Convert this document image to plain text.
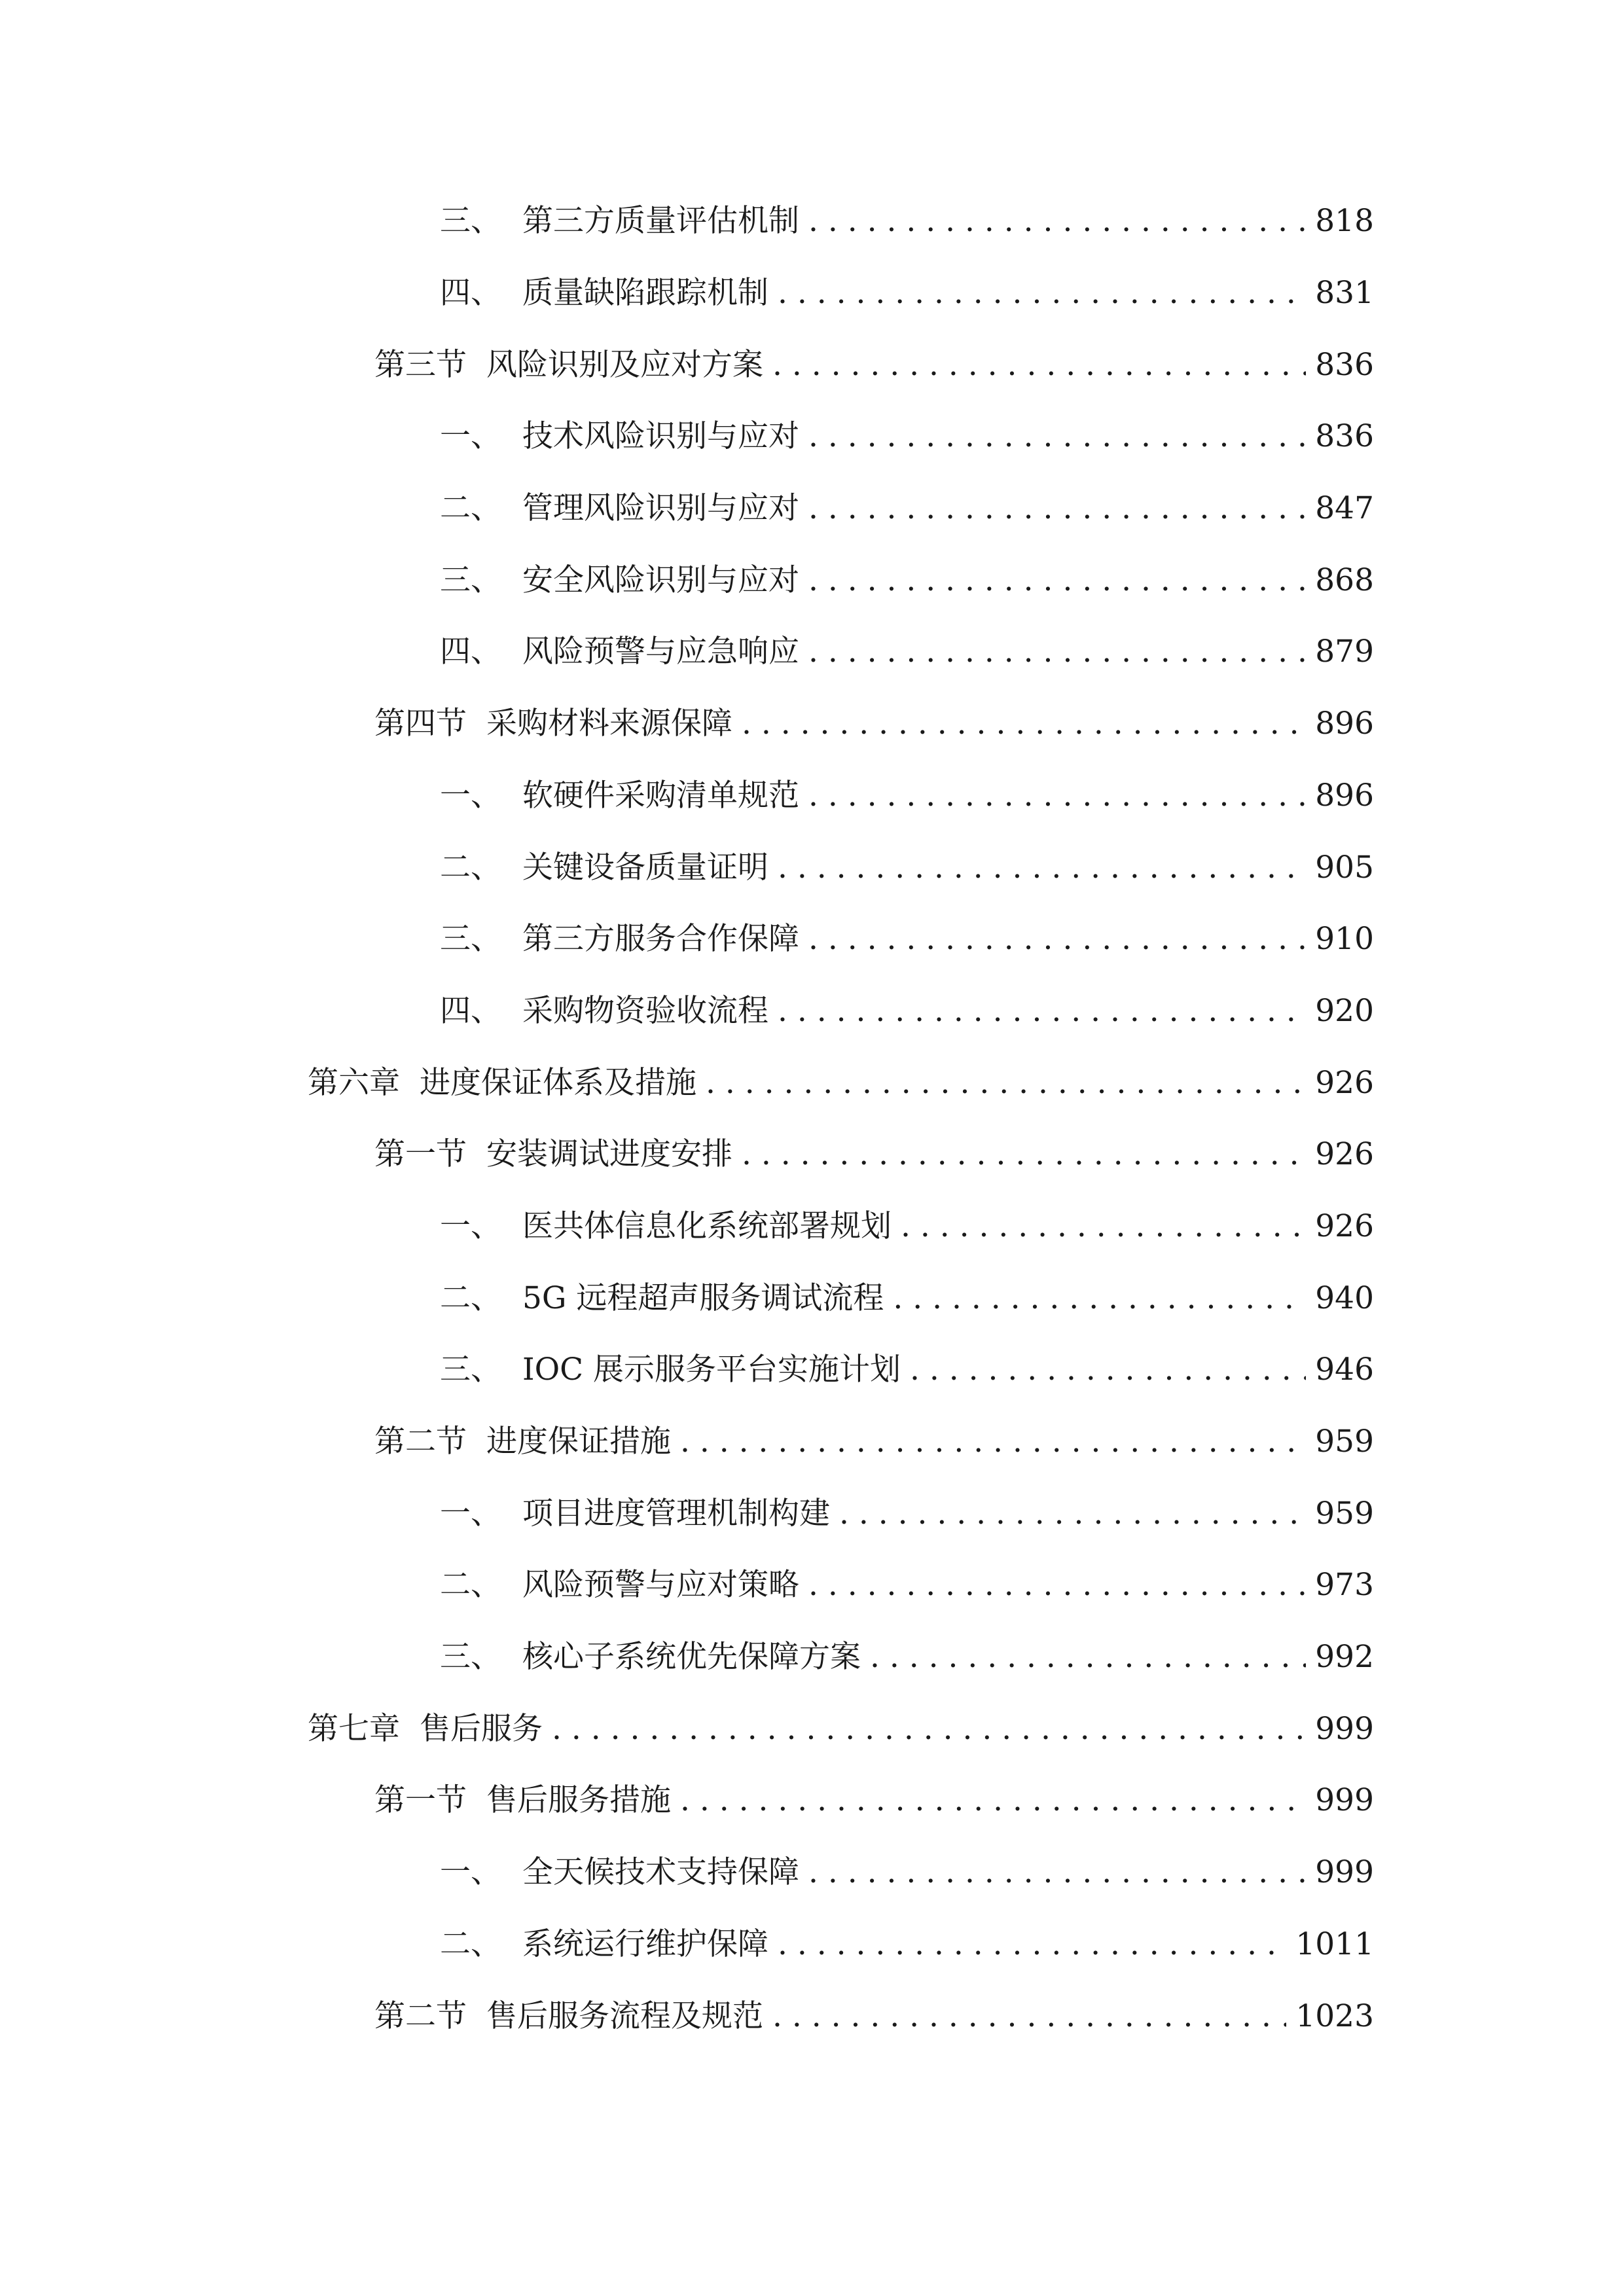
三、 第三方质量评估机制 . . .	818
四、 质量缺陷跟踪机制 . . .	831
第三节 风险识别及应对方案 . . .	836
一、 技术风险识别与应对 . . .	836
二、 管理风险识别与应对 . . .	847
三、 安全风险识别与应对 . . .	868
四、 风险预警与应急响应 . . .	879
第四节 采购材料来源保障 . . .	896
一、 软硬件采购清单规范 . . .	896
二、 关键设备质量证明 . . .	905
三、 第三方服务合作保障 . . .	910
四、 采购物资验收流程 . . .	920
第六章 进度保证体系及措施 . . .	926
第一节 安装调试进度安排 . . .	926
一、 医共体信息化系统部署规划 . . .	926
二、 5G 远程超声服务调试流程 . . .	940
三、 IOC 展示服务平台实施计划 . . .	946
第二节 进度保证措施 . . .	959
一、 项目进度管理机制构建 . . .	959
二、 风险预警与应对策略 . . .	973
三、 核心子系统优先保障方案 . . .	992
第七章 售后服务 . . .	999
第一节 售后服务措施 . . .	999
一、 全天候技术支持保障 . . .	999
二、 系统运行维护保障 . . .	1011
第二节 售后服务流程及规范 . . .	1023
